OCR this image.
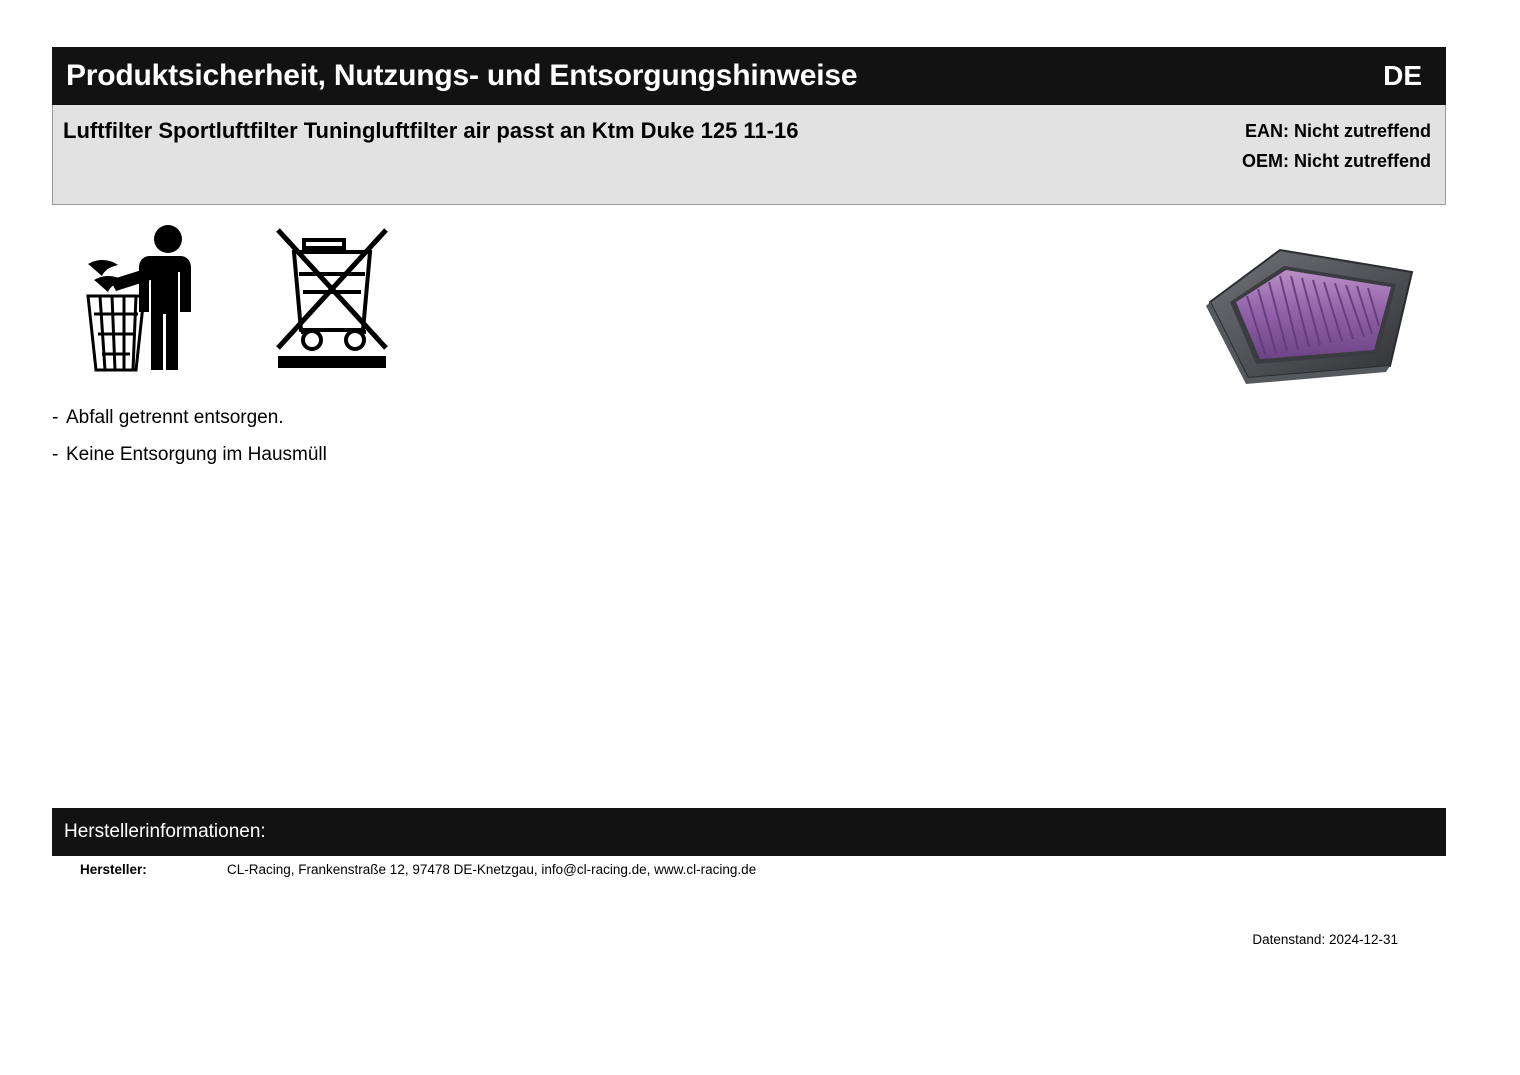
Produktsicherheit, Nutzungs- und Entsorgungshinweise	DE
Luftfilter Sportluftfilter Tuningluftfilter air passt an Ktm Duke 125 11-16	EAN: Nicht zutreffend
OEM: Nicht zutreffend
- Abfall getrennt entsorgen.
- Keine Entsorgung im Hausmüll
Herstellerinformationen:
Hersteller:	CL-Racing, Frankenstraße 12, 97478 DE-Knetzgau, info@cl-racing.de, www.cl-racing.de
Datenstand: 2024-12-31
